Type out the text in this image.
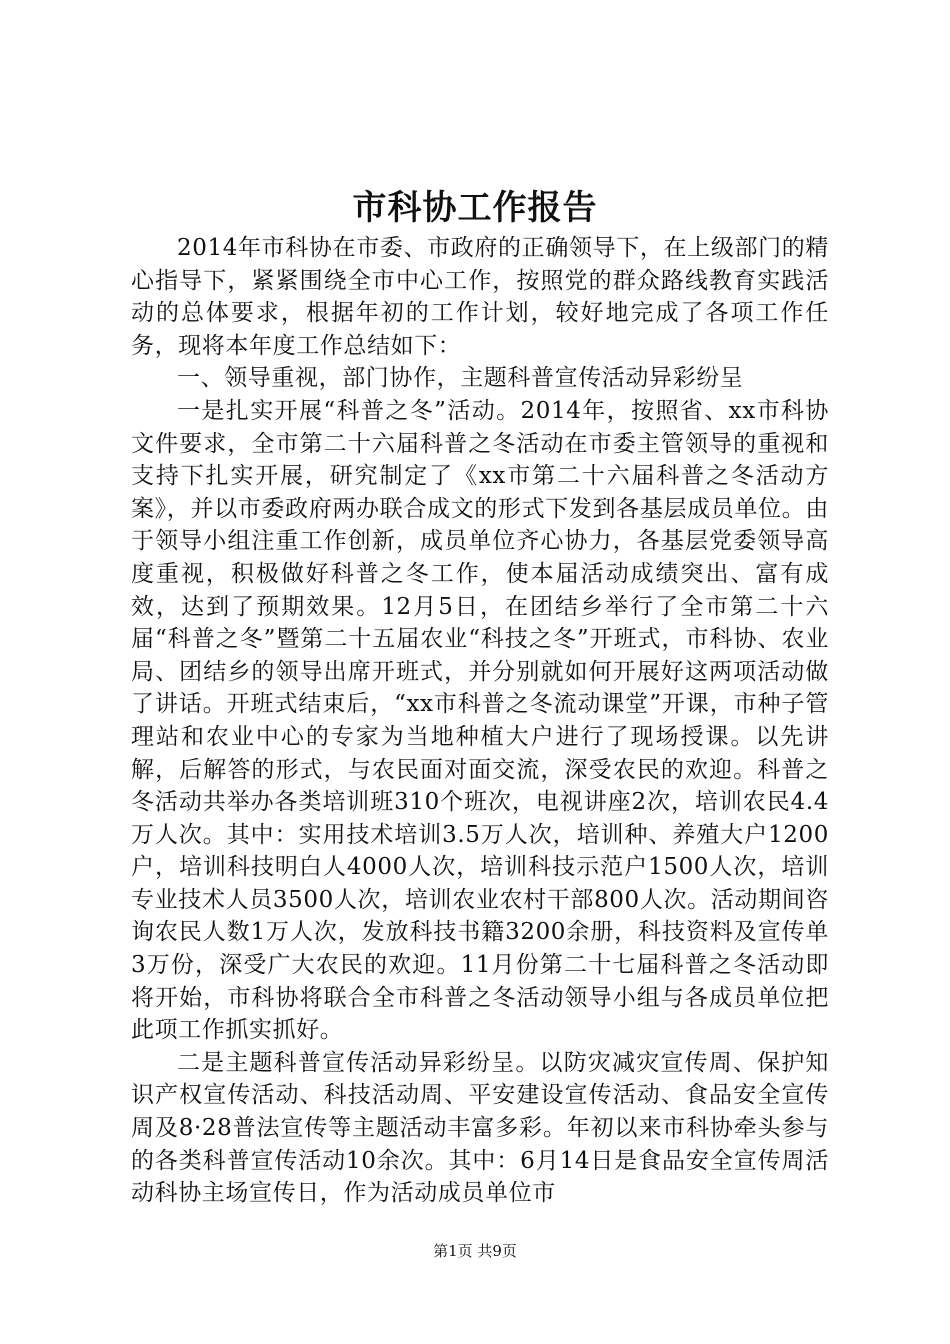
市科协工作报告

2014年市科协在市委、市政府的正确领导下，在上级部门的精心指导下，紧紧围绕全市中心工作，按照党的群众路线教育实践活动的总体要求，根据年初的工作计划，较好地完成了各项工作任务，现将本年度工作总结如下：

一、领导重视，部门协作，主题科普宣传活动异彩纷呈

一是扎实开展“科普之冬”活动。2014年，按照省、xx市科协文件要求，全市第二十六届科普之冬活动在市委主管领导的重视和支持下扎实开展，研究制定了《xx市第二十六届科普之冬活动方案》，并以市委政府两办联合成文的形式下发到各基层成员单位。由于领导小组注重工作创新，成员单位齐心协力，各基层党委领导高度重视，积极做好科普之冬工作，使本届活动成绩突出、富有成效，达到了预期效果。12月5日，在团结乡举行了全市第二十六届“科普之冬”暨第二十五届农业“科技之冬”开班式，市科协、农业局、团结乡的领导出席开班式，并分别就如何开展好这两项活动做了讲话。开班式结束后，“xx市科普之冬流动课堂”开课，市种子管理站和农业中心的专家为当地种植大户进行了现场授课。以先讲解，后解答的形式，与农民面对面交流，深受农民的欢迎。科普之冬活动共举办各类培训班310个班次，电视讲座2次，培训农民4.4万人次。其中：实用技术培训3.5万人次，培训种、养殖大户1200户，培训科技明白人4000人次，培训科技示范户1500人次，培训专业技术人员3500人次，培训农业农村干部800人次。活动期间咨询农民人数1万人次，发放科技书籍3200余册，科技资料及宣传单3万份，深受广大农民的欢迎。11月份第二十七届科普之冬活动即将开始，市科协将联合全市科普之冬活动领导小组与各成员单位把此项工作抓实抓好。

二是主题科普宣传活动异彩纷呈。以防灾减灾宣传周、保护知识产权宣传活动、科技活动周、平安建设宣传活动、食品安全宣传周及8·28普法宣传等主题活动丰富多彩。年初以来市科协牵头参与的各类科普宣传活动10余次。其中：6月14日是食品安全宣传周活动科协主场宣传日，作为活动成员单位市

第1页 共9页
